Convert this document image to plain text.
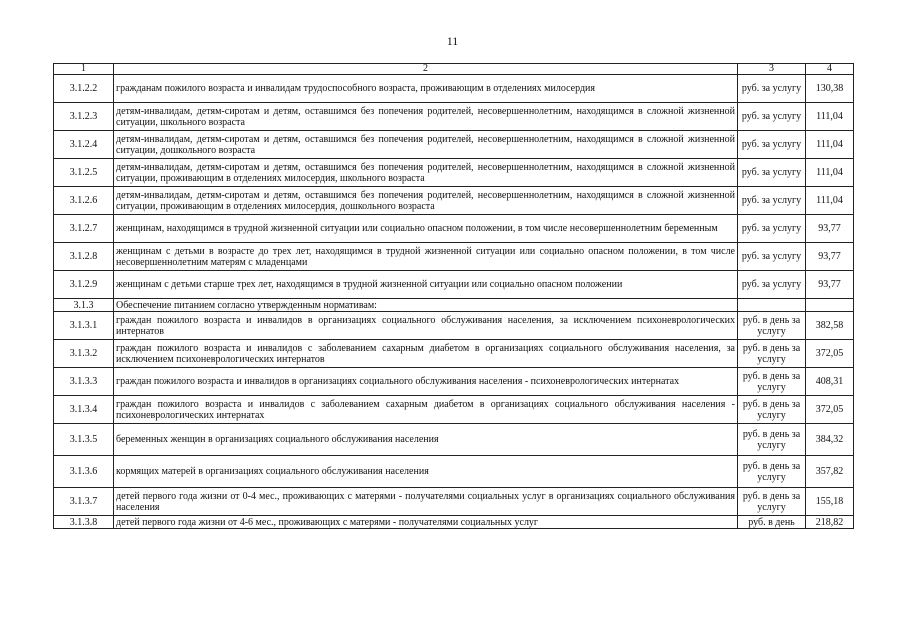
11
1	2	3	4
3.1.2.2	гражданам пожилого возраста и инвалидам трудоспособного возраста, проживающим в отделениях милосердия	руб. за услугу	130,38
3.1.2.3	детям-инвалидам, детям-сиротам и детям, оставшимся без попечения родителей, несовершеннолетним, находящимся в сложной жизненной ситуации, школьного возраста	руб. за услугу	111,04
3.1.2.4	детям-инвалидам, детям-сиротам и детям, оставшимся без попечения родителей, несовершеннолетним, находящимся в сложной жизненной ситуации, дошкольного возраста	руб. за услугу	111,04
3.1.2.5	детям-инвалидам, детям-сиротам и детям, оставшимся без попечения родителей, несовершеннолетним, находящимся в сложной жизненной ситуации, проживающим в отделениях милосердия, школьного возраста	руб. за услугу	111,04
3.1.2.6	детям-инвалидам, детям-сиротам и детям, оставшимся без попечения родителей, несовершеннолетним, находящимся в сложной жизненной ситуации, проживающим в отделениях милосердия, дошкольного возраста	руб. за услугу	111,04
3.1.2.7	женщинам, находящимся в трудной жизненной ситуации или социально опасном положении, в том числе несовершеннолетним беременным	руб. за услугу	93,77
3.1.2.8	женщинам с детьми в возрасте до трех лет, находящимся в трудной жизненной ситуации или социально опасном положении, в том числе несовершеннолетним матерям с младенцами	руб. за услугу	93,77
3.1.2.9	женщинам с детьми старше трех лет, находящимся в трудной жизненной ситуации или социально опасном положении	руб. за услугу	93,77
3.1.3	Обеспечение питанием согласно утвержденным нормативам:		
3.1.3.1	граждан пожилого возраста и инвалидов в организациях социального обслуживания населения, за исключением психоневрологических интернатов	руб. в день за услугу	382,58
3.1.3.2	граждан пожилого возраста и инвалидов с заболеванием сахарным диабетом в организациях социального обслуживания населения, за исключением психоневрологических интернатов	руб. в день за услугу	372,05
3.1.3.3	граждан пожилого возраста и инвалидов в организациях социального обслуживания населения - психоневрологических интернатах	руб. в день за услугу	408,31
3.1.3.4	граждан пожилого возраста и инвалидов с заболеванием сахарным диабетом в организациях социального обслуживания населения - психоневрологических интернатах	руб. в день за услугу	372,05
3.1.3.5	беременных женщин в организациях социального обслуживания населения	руб. в день за услугу	384,32
3.1.3.6	кормящих матерей в организациях социального обслуживания населения	руб. в день за услугу	357,82
3.1.3.7	детей первого года жизни от 0-4 мес., проживающих с матерями - получателями социальных услуг в организациях социального обслуживания населения	руб. в день за услугу	155,18
3.1.3.8	детей первого года жизни от 4-6 мес., проживающих с матерями - получателями социальных услуг	руб. в день	218,82
